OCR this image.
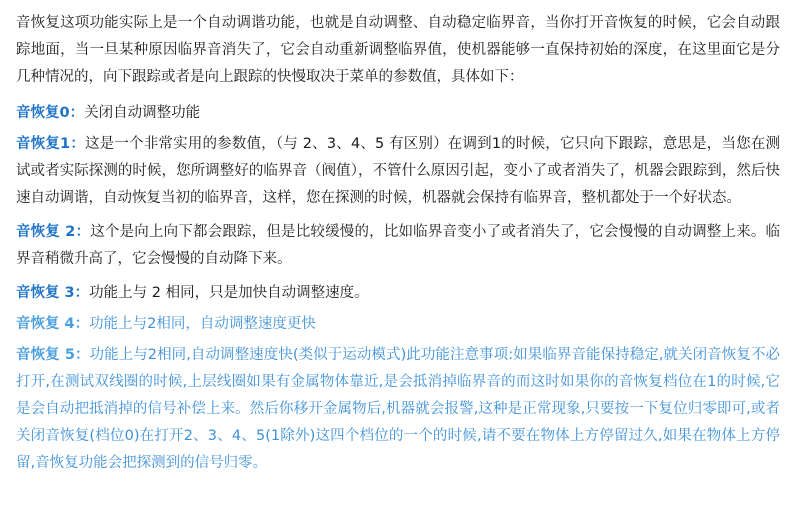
音恢复这项功能实际上是一个自动调谐功能，也就是自动调整、自动稳定临界音，当你打开音恢复的时候，它会自动跟踪地面，当一旦某种原因临界音消失了，它会自动重新调整临界值，使机器能够一直保持初始的深度，在这里面它是分几种情况的，向下跟踪或者是向上跟踪的快慢取决于菜单的参数值，具体如下：

音恢复0：关闭自动调整功能

音恢复1：这是一个非常实用的参数值，（与 2、3、4、5 有区别）在调到1的时候，它只向下跟踪，意思是，当您在测试或者实际探测的时候，您所调整好的临界音（阀值），不管什么原因引起，变小了或者消失了，机器会跟踪到，然后快速自动调谐，自动恢复当初的临界音，这样，您在探测的时候，机器就会保持有临界音，整机都处于一个好状态。

音恢复 2：这个是向上向下都会跟踪，但是比较缓慢的，比如临界音变小了或者消失了，它会慢慢的自动调整上来。临界音稍微升高了，它会慢慢的自动降下来。

音恢复 3：功能上与 2 相同，只是加快自动调整速度。

音恢复 4：功能上与2相同，自动调整速度更快

音恢复 5：功能上与2相同,自动调整速度快(类似于运动模式)此功能注意事项:如果临界音能保持稳定,就关闭音恢复不必打开,在测试双线圈的时候,上层线圈如果有金属物体靠近,是会抵消掉临界音的而这时如果你的音恢复档位在1的时候,它是会自动把抵消掉的信号补偿上来。然后你移开金属物后,机器就会报警,这种是正常现象,只要按一下复位归零即可,或者关闭音恢复(档位0)在打开2、3、4、5(1除外)这四个档位的一个的时候,请不要在物体上方停留过久,如果在物体上方停留,音恢复功能会把探测到的信号归零。
